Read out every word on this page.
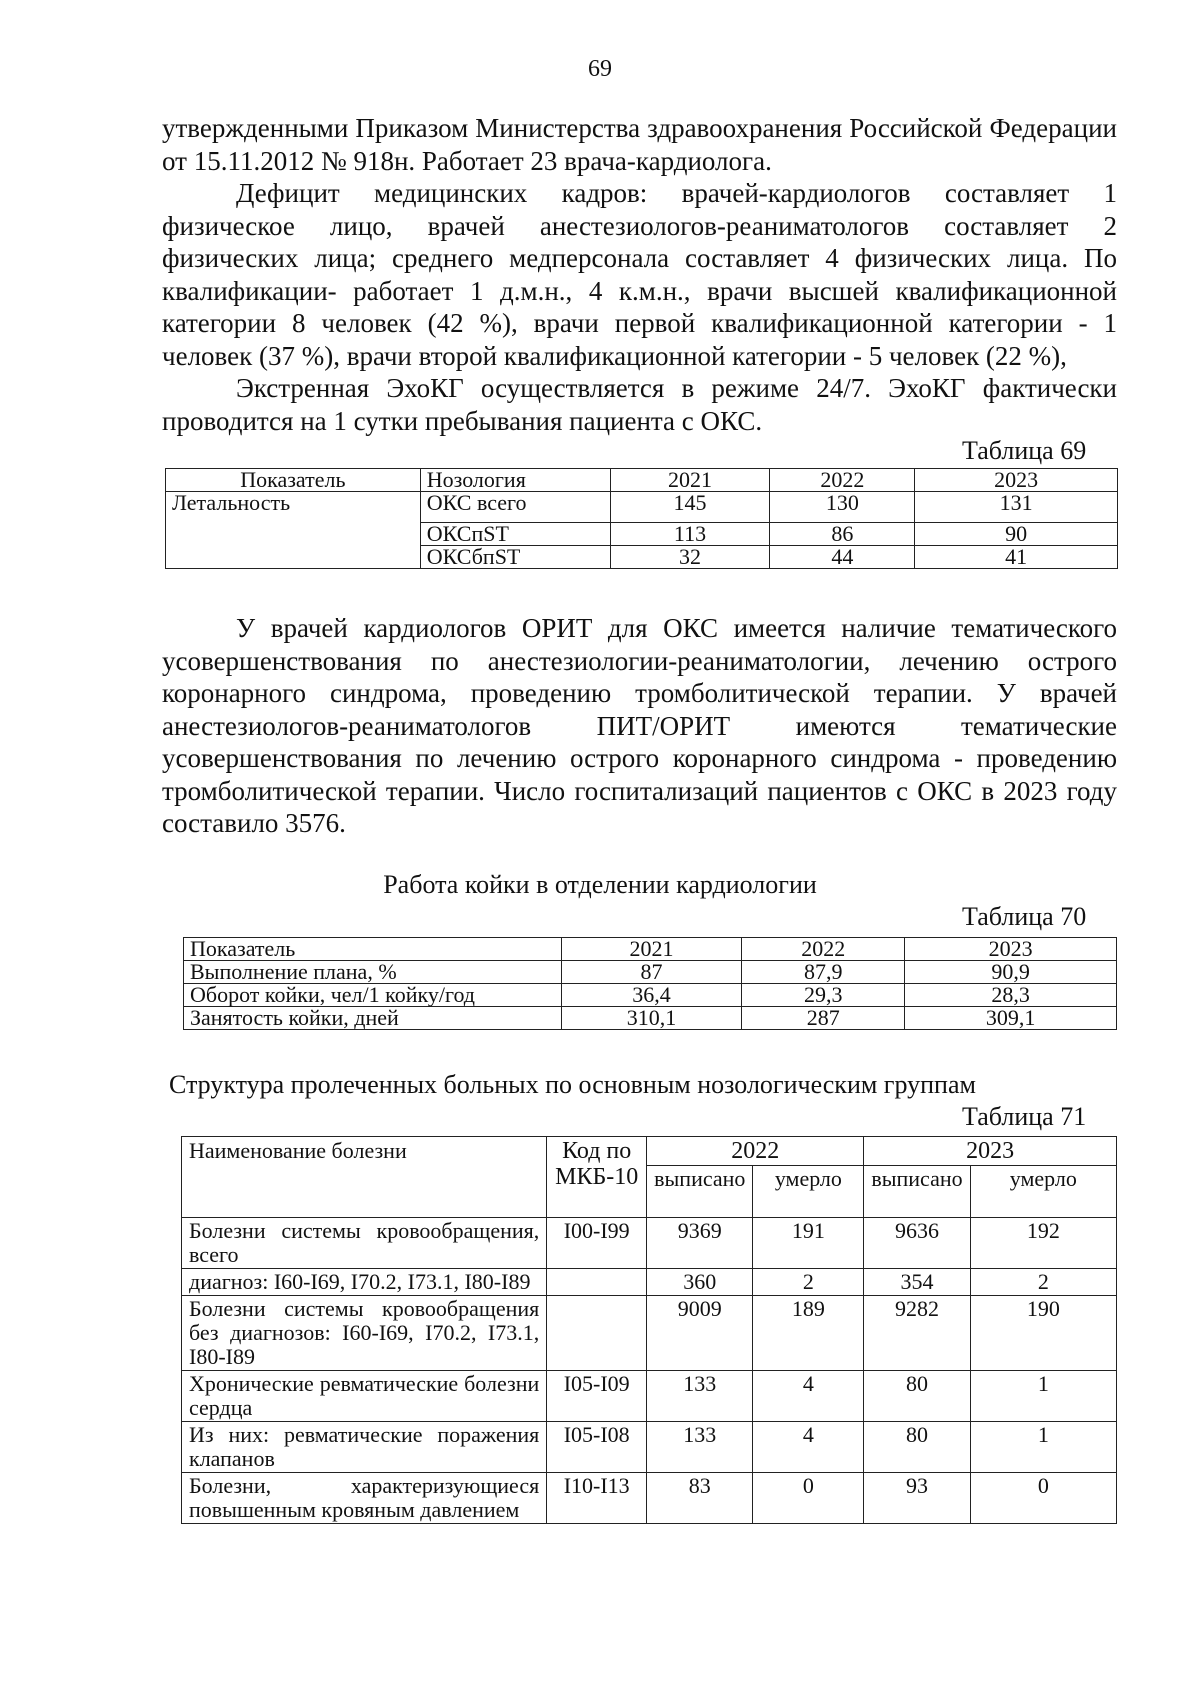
69

утвержденными Приказом Министерства здравоохранения Российской Федерации от 15.11.2012 № 918н. Работает 23 врача-кардиолога.

Дефицит медицинских кадров: врачей-кардиологов составляет 1 физическое лицо, врачей анестезиологов-реаниматологов составляет 2 физических лица; среднего медперсонала составляет 4 физических лица. По квалификации- работает 1 д.м.н., 4 к.м.н., врачи высшей квалификационной категории 8 человек (42 %), врачи первой квалификационной категории - 1 человек (37 %), врачи второй квалификационной категории - 5 человек (22 %),

Экстренная ЭхоКГ осуществляется в режиме 24/7. ЭхоКГ фактически проводится на 1 сутки пребывания пациента с ОКС.

Таблица 69
Показатель	Нозология	2021	2022	2023
Летальность	ОКС всего	145	130	131
	ОКСпST	113	86	90
	ОКСбпST	32	44	41

У врачей кардиологов ОРИТ для ОКС имеется наличие тематического усовершенствования по анестезиологии-реаниматологии, лечению острого коронарного синдрома, проведению тромболитической терапии. У врачей анестезиологов-реаниматологов ПИТ/ОРИТ имеются тематические усовершенствования по лечению острого коронарного синдрома - проведению тромболитической терапии. Число госпитализаций пациентов с ОКС в 2023 году составило 3576.

Работа койки в отделении кардиологии
Таблица 70
Показатель	2021	2022	2023
Выполнение плана, %	87	87,9	90,9
Оборот койки, чел/1 койку/год	36,4	29,3	28,3
Занятость койки, дней	310,1	287	309,1
Структура пролеченных больных по основным нозологическим группам
Таблица 71
Наименование болезни	Код по МКБ-10	2022		2023	
		выписано	умерло	выписано	умерло
Болезни системы кровообращения, всего	I00-I99	9369	191	9636	192
диагноз: I60-I69, I70.2, I73.1, I80-I89		360	2	354	2
Болезни системы кровообращения без диагнозов: I60-I69, I70.2, I73.1, I80-I89		9009	189	9282	190
Хронические ревматические болезни сердца	I05-I09	133	4	80	1
Из них: ревматические поражения клапанов	I05-I08	133	4	80	1
Болезни, характеризующиеся повышенным кровяным давлением	I10-I13	83	0	93	0
